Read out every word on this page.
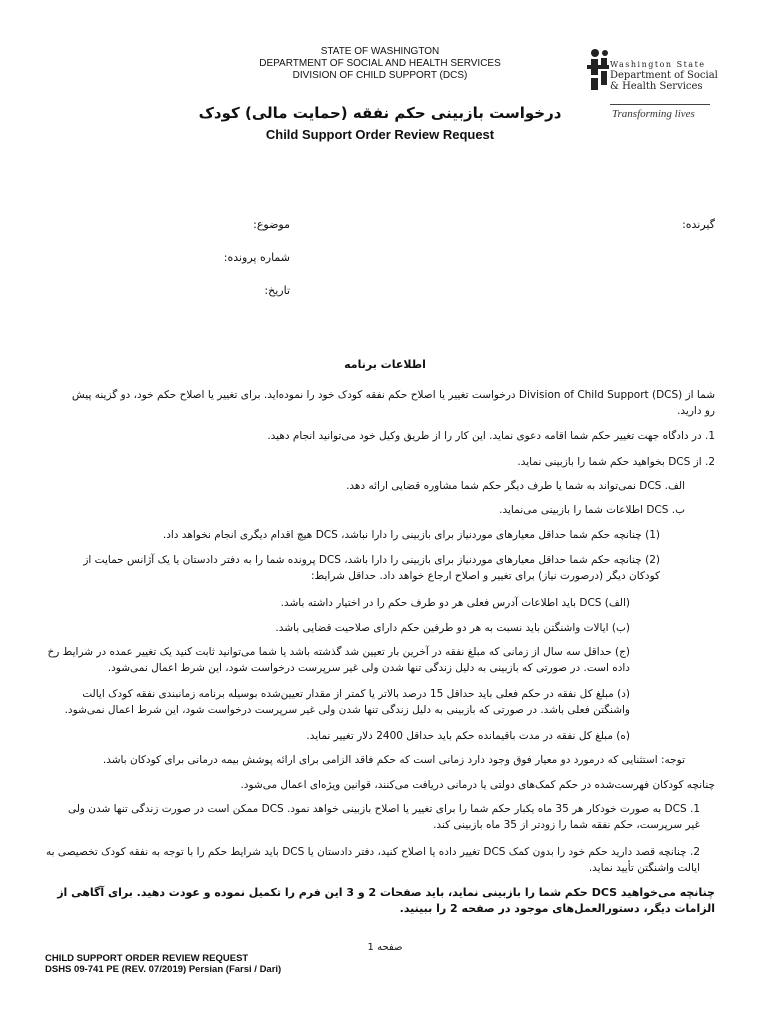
STATE OF WASHINGTON
DEPARTMENT OF SOCIAL AND HEALTH SERVICES
DIVISION OF CHILD SUPPORT (DCS)
Washington State
Department of Social
& Health Services
Transforming lives
درخواست بازبینی حکم نفقه (حمایت مالی) کودک
Child Support Order Review Request
گیرنده:
موضوع:
شماره پرونده:
تاریخ:
اطلاعات برنامه
شما از Division of Child Support (DCS) درخواست تغییر یا اصلاح حکم نفقه کودک خود را نموده‌اید. برای تغییر یا اصلاح حکم خود، دو گزینه پیش رو دارید.
1. در دادگاه جهت تغییر حکم شما اقامه دعوی نماید. این کار را از طریق وکیل خود می‌توانید انجام دهید.
2. از DCS بخواهید حکم شما را بازبینی نماید.
الف. DCS نمی‌تواند به شما یا طرف دیگر حکم شما مشاوره قضایی ارائه دهد.
ب. DCS اطلاعات شما را بازبینی می‌نماید.
(1) چنانچه حکم شما حداقل معیارهای موردنیاز برای بازبینی را دارا نباشد، DCS هیچ اقدام دیگری انجام نخواهد داد.
(2) چنانچه حکم شما حداقل معیارهای موردنیاز برای بازبینی را دارا باشد، DCS پرونده شما را به دفتر دادستان یا یک آژانس حمایت از کودکان دیگر (درصورت نیاز) برای تغییر و اصلاح ارجاع خواهد داد. حداقل شرایط:
(الف) DCS باید اطلاعات آدرس فعلی هر دو طرف حکم را در اختیار داشته باشد.
(ب) ایالات واشنگتن باید نسبت به هر دو طرفین حکم دارای صلاحیت قضایی باشد.
(ج) حداقل سه سال از زمانی که مبلغ نفقه در آخرین بار تعیین شد گذشته باشد یا شما می‌توانید ثابت کنید یک تغییر عمده در شرایط رخ داده است. در صورتی که بازبینی به دلیل زندگی تنها شدن ولی غیر سرپرست درخواست شود، این شرط اعمال نمی‌شود.
(د) مبلغ کل نفقه در حکم فعلی باید حداقل 15 درصد بالاتر یا کمتر از مقدار تعیین‌شده بوسیله برنامه زمانبندی نفقه کودک ایالت واشنگتن فعلی باشد. در صورتی که بازبینی به دلیل زندگی تنها شدن ولی غیر سرپرست درخواست شود، این شرط اعمال نمی‌شود.
(ه) مبلغ کل نفقه در مدت باقیمانده حکم باید حداقل 2400 دلار تغییر نماید.
توجه: استثنایی که درمورد دو معیار فوق وجود دارد زمانی است که حکم فاقد الزامی برای ارائه پوشش بیمه درمانی برای کودکان باشد.
چنانچه کودکان فهرست‌شده در حکم کمک‌های دولتی یا درمانی دریافت می‌کنند، قوانین ویژه‌ای اعمال می‌شود.
1. DCS به صورت خودکار هر 35 ماه یکبار حکم شما را برای تغییر یا اصلاح بازبینی خواهد نمود. DCS ممکن است در صورت زندگی تنها شدن ولی غیر سرپرست، حکم نفقه شما را زودتر از 35 ماه بازبینی کند.
2. چنانچه قصد دارید حکم خود را بدون کمک DCS تغییر داده یا اصلاح کنید، دفتر دادستان یا DCS باید شرایط حکم را با توجه به نفقه کودک تخصیصی به ایالت واشنگتن تأیید نماید.
چنانچه می‌خواهید DCS حکم شما را بازبینی نماید، باید صفحات 2 و 3 این فرم را تکمیل نموده و عودت دهید. برای آگاهی از الزامات دیگر، دستورالعمل‌های موجود در صفحه 2 را ببینید.
صفحه 1
CHILD SUPPORT ORDER REVIEW REQUEST
DSHS 09-741 PE (REV. 07/2019) Persian (Farsi / Dari)
